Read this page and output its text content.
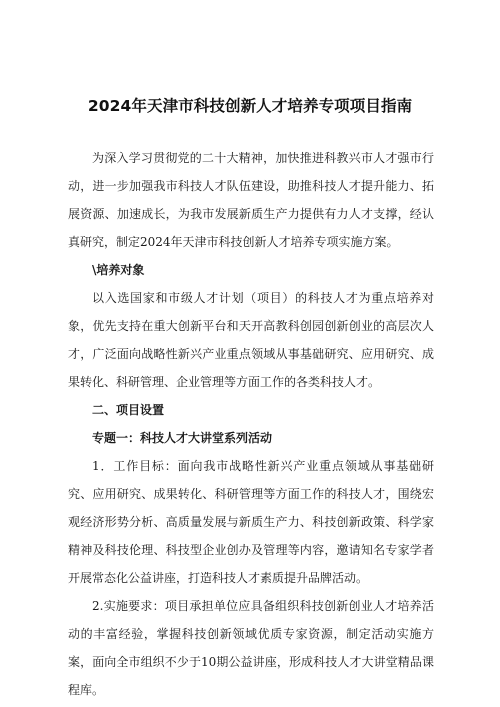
2024年天津市科技创新人才培养专项项目指南

为深入学习贯彻党的二十大精神，加快推进科教兴市人才强市行动，进一步加强我市科技人才队伍建设，助推科技人才提升能力、拓展资源、加速成长，为我市发展新质生产力提供有力人才支撑，经认真研究，制定2024年天津市科技创新人才培养专项实施方案。

\培养对象

以入选国家和市级人才计划（项目）的科技人才为重点培养对象，优先支持在重大创新平台和天开高教科创园创新创业的高层次人才，广泛面向战略性新兴产业重点领域从事基础研究、应用研究、成果转化、科研管理、企业管理等方面工作的各类科技人才。

二、项目设置

专题一：科技人才大讲堂系列活动

1．工作目标：面向我市战略性新兴产业重点领域从事基础研究、应用研究、成果转化、科研管理等方面工作的科技人才，围绕宏观经济形势分析、高质量发展与新质生产力、科技创新政策、科学家精神及科技伦理、科技型企业创办及管理等内容，邀请知名专家学者开展常态化公益讲座，打造科技人才素质提升品牌活动。

2.实施要求：项目承担单位应具备组织科技创新创业人才培养活动的丰富经验，掌握科技创新领域优质专家资源，制定活动实施方案，面向全市组织不少于10期公益讲座，形成科技人才大讲堂精品课程库。
